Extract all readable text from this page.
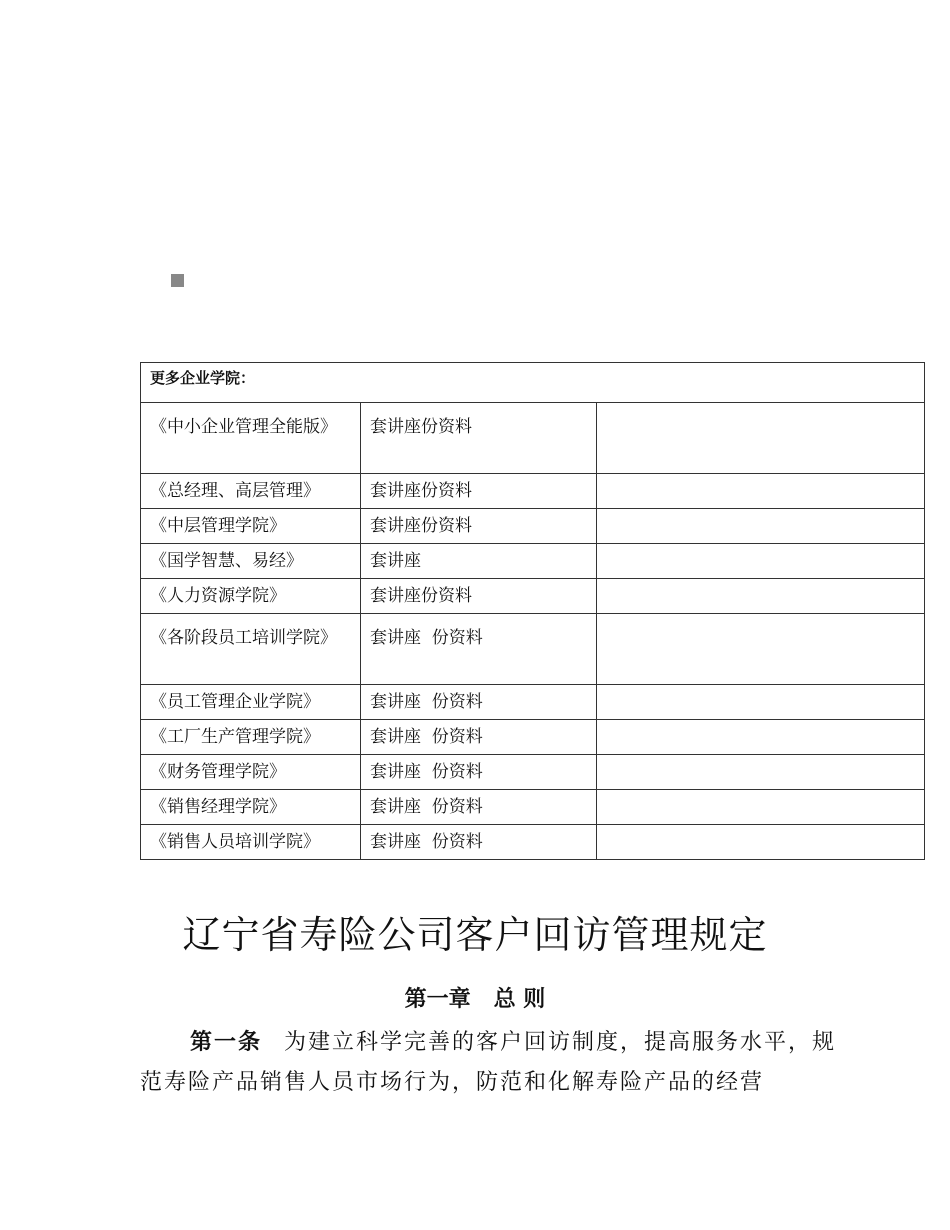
更多企业学院：		
《中小企业管理全能版》	套讲座份资料	
《总经理、高层管理》	套讲座份资料	
《中层管理学院》	套讲座份资料	
《国学智慧、易经》	套讲座	
《人力资源学院》	套讲座份资料	
《各阶段员工培训学院》	套讲座  份资料	
《员工管理企业学院》	套讲座  份资料	
《工厂生产管理学院》	套讲座  份资料	
《财务管理学院》	套讲座  份资料	
《销售经理学院》	套讲座  份资料	
《销售人员培训学院》	套讲座  份资料	
辽宁省寿险公司客户回访管理规定
第一章   总 则

第一条 为建立科学完善的客户回访制度，提高服务水平，规范寿险产品销售人员市场行为，防范和化解寿险产品的经营
